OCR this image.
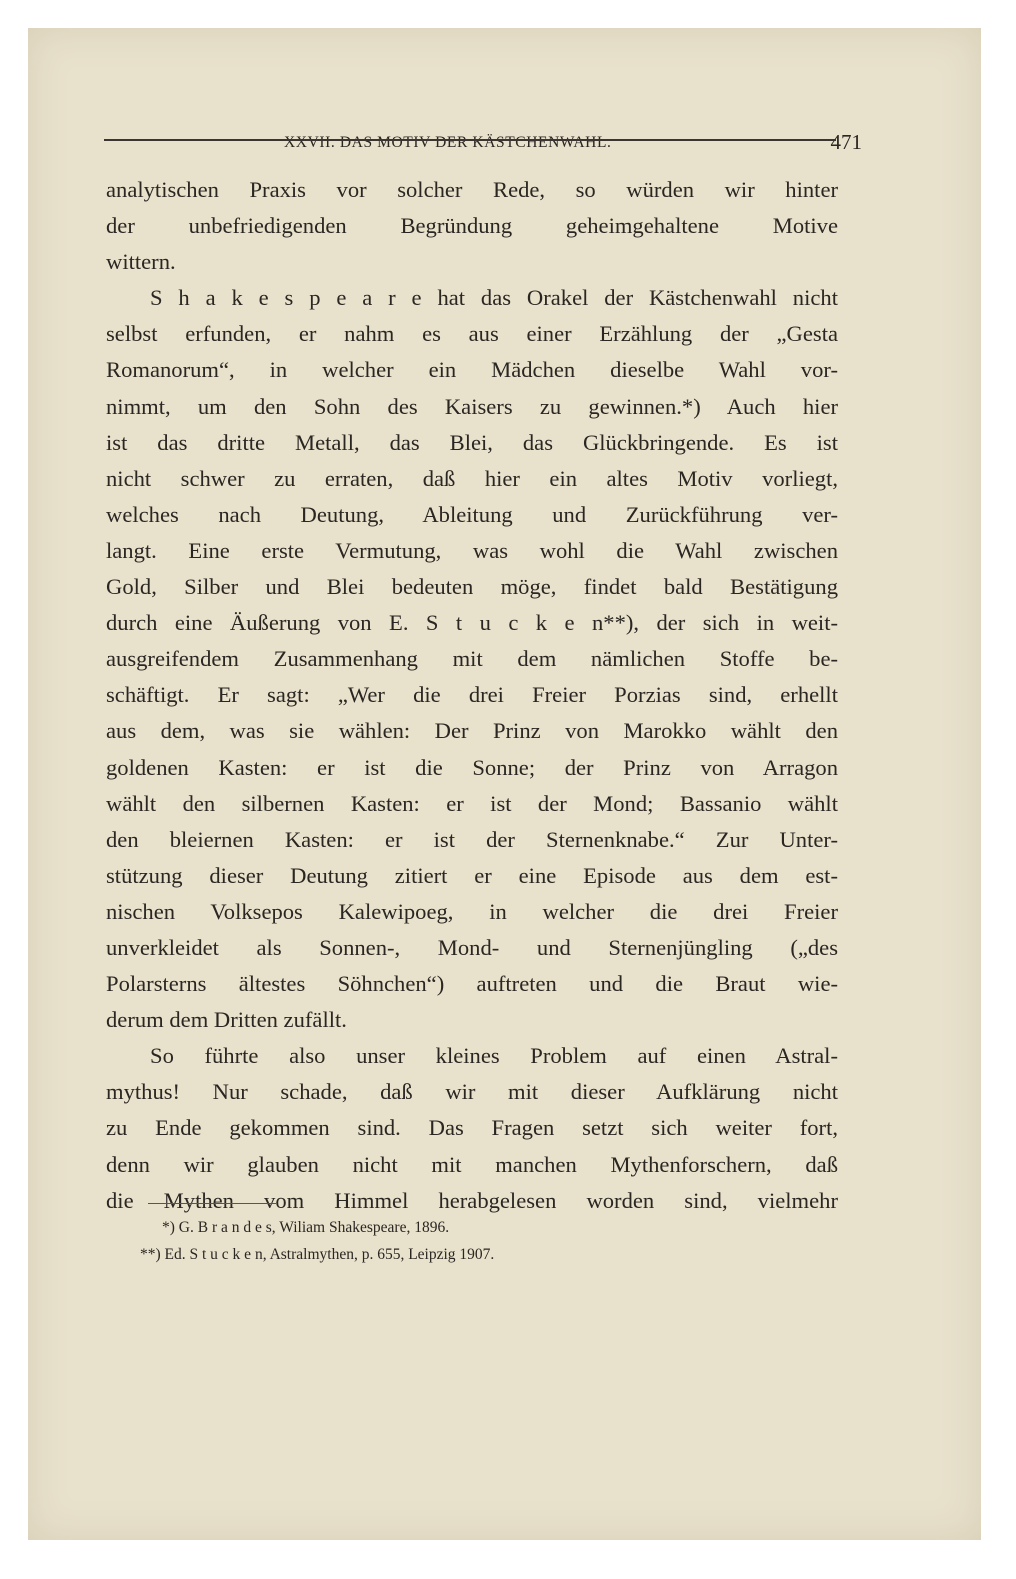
XXVII. DAS MOTIV DER KÄSTCHENWAHL.	471
analytischen Praxis vor solcher Rede, so würden wir hinter
der unbefriedigenden Begründung geheimgehaltene Motive
wittern.
S h a k e s p e a r e hat das Orakel der Kästchenwahl nicht
selbst erfunden, er nahm es aus einer Erzählung der „Gesta
Romanorum“, in welcher ein Mädchen dieselbe Wahl vor-
nimmt, um den Sohn des Kaisers zu gewinnen.*) Auch hier
ist das dritte Metall, das Blei, das Glückbringende. Es ist
nicht schwer zu erraten, daß hier ein altes Motiv vorliegt,
welches nach Deutung, Ableitung und Zurückführung ver-
langt. Eine erste Vermutung, was wohl die Wahl zwischen
Gold, Silber und Blei bedeuten möge, findet bald Bestätigung
durch eine Äußerung von E. S t u c k e n**), der sich in weit-
ausgreifendem Zusammenhang mit dem nämlichen Stoffe be-
schäftigt. Er sagt: „Wer die drei Freier Porzias sind, erhellt
aus dem, was sie wählen: Der Prinz von Marokko wählt den
goldenen Kasten: er ist die Sonne; der Prinz von Arragon
wählt den silbernen Kasten: er ist der Mond; Bassanio wählt
den bleiernen Kasten: er ist der Sternenknabe.“ Zur Unter-
stützung dieser Deutung zitiert er eine Episode aus dem est-
nischen Volksepos Kalewipoeg, in welcher die drei Freier
unverkleidet als Sonnen-, Mond- und Sternenjüngling („des
Polarsterns ältestes Söhnchen“) auftreten und die Braut wie-
derum dem Dritten zufällt.
So führte also unser kleines Problem auf einen Astral-
mythus! Nur schade, daß wir mit dieser Aufklärung nicht
zu Ende gekommen sind. Das Fragen setzt sich weiter fort,
denn wir glauben nicht mit manchen Mythenforschern, daß
die Mythen vom Himmel herabgelesen worden sind, vielmehr
*) G. B r a n d e s, Wiliam Shakespeare, 1896.
**) Ed. S t u c k e n, Astralmythen, p. 655, Leipzig 1907.
